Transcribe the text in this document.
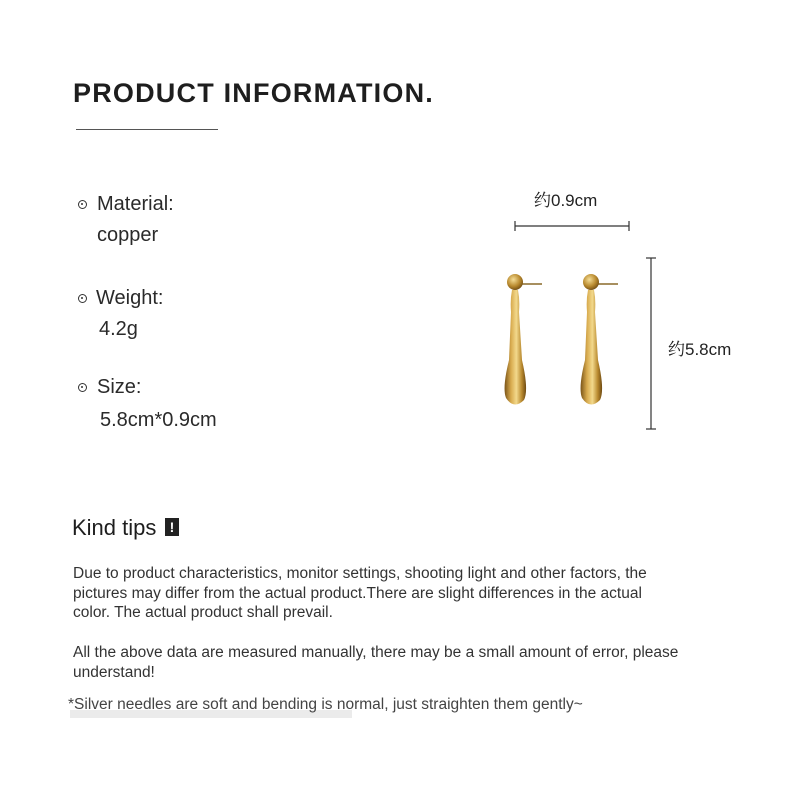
PRODUCT INFORMATION.
Material:
copper
Weight:
4.2g
Size:
5.8cm*0.9cm
约0.9cm
约5.8cm
Kind tips !
Due to product characteristics, monitor settings, shooting light and other factors, the
pictures may differ from the actual product.There are slight differences in the actual
color. The actual product shall prevail.
All the above data are measured manually, there may be a small amount of error, please
understand!
*Silver needles are soft and bending is normal, just straighten them gently~
